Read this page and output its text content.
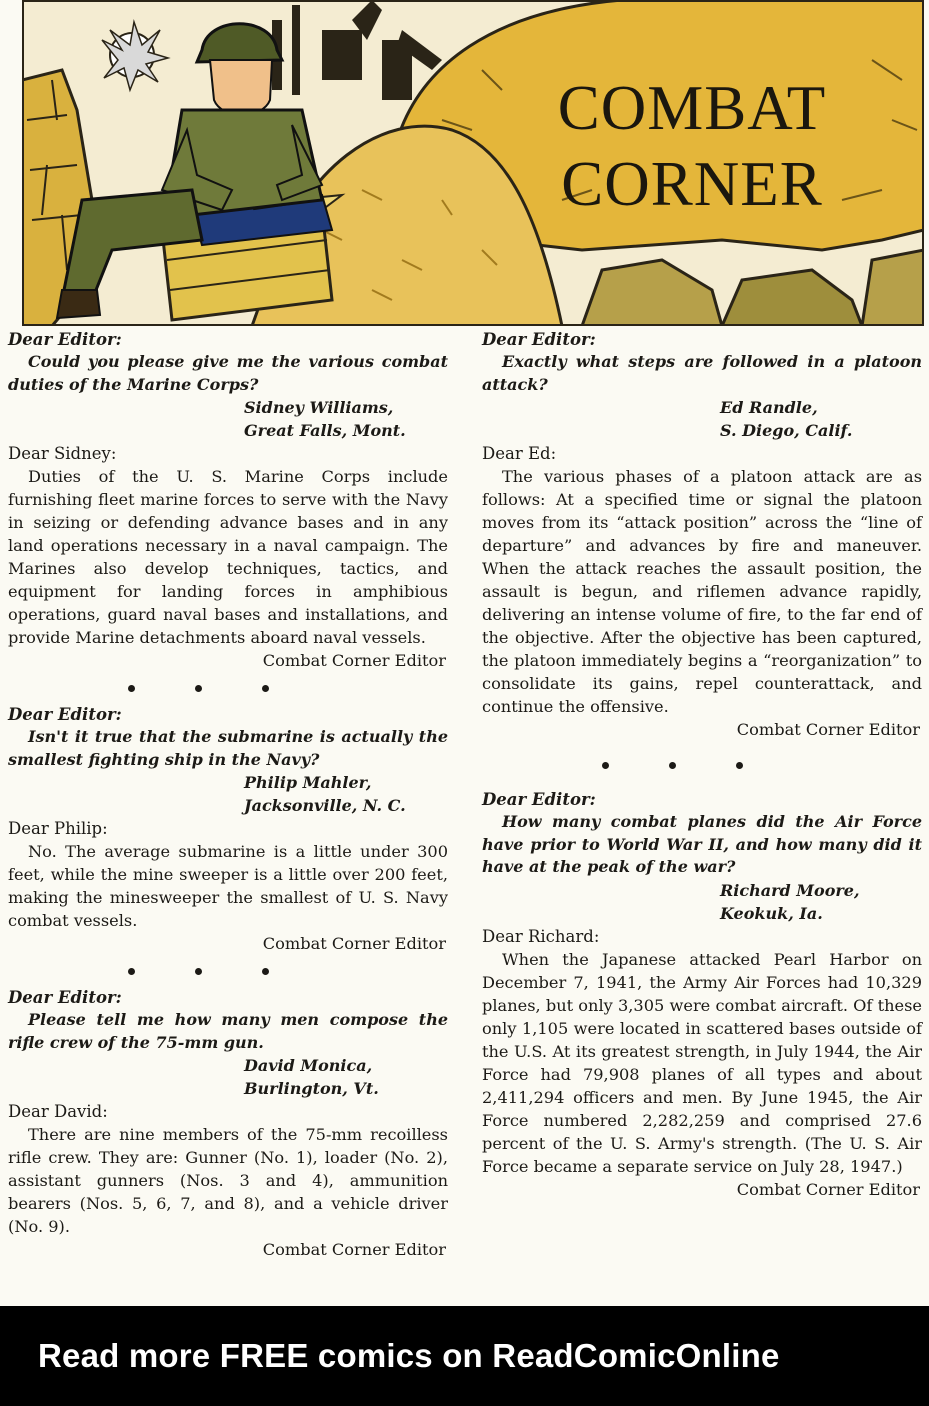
COMBAT
CORNER
Dear Editor:

Could you please give me the various combat duties of the Marine Corps?

Sidney Williams,
Great Falls, Mont.
Dear Sidney:

Duties of the U. S. Marine Corps include furnishing fleet marine forces to serve with the Navy in seizing or defending advance bases and in any land operations necessary in a naval campaign. The Marines also develop techniques, tactics, and equipment for landing forces in amphibious operations, guard naval bases and installations, and provide Marine detachments aboard naval vessels.

Combat Corner Editor
Dear Editor:

Isn't it true that the submarine is actually the smallest fighting ship in the Navy?

Philip Mahler,
Jacksonville, N. C.
Dear Philip:

No. The average submarine is a little under 300 feet, while the mine sweeper is a little over 200 feet, making the minesweeper the smallest of U. S. Navy combat vessels.

Combat Corner Editor
Dear Editor:

Please tell me how many men compose the rifle crew of the 75-mm gun.

David Monica,
Burlington, Vt.
Dear David:

There are nine members of the 75-mm recoilless rifle crew. They are: Gunner (No. 1), loader (No. 2), assistant gunners (Nos. 3 and 4), ammunition bearers (Nos. 5, 6, 7, and 8), and a vehicle driver (No. 9).

Combat Corner Editor
Dear Editor:

Exactly what steps are followed in a platoon attack?

Ed Randle,
S. Diego, Calif.
Dear Ed:

The various phases of a platoon attack are as follows: At a specified time or signal the platoon moves from its “attack position” across the “line of departure” and advances by fire and maneuver. When the attack reaches the assault position, the assault is begun, and riflemen advance rapidly, delivering an intense volume of fire, to the far end of the objective. After the objective has been captured, the platoon immediately begins a “reorganization” to consolidate its gains, repel counterattack, and continue the offensive.

Combat Corner Editor
Dear Editor:

How many combat planes did the Air Force have prior to World War II, and how many did it have at the peak of the war?

Richard Moore,
Keokuk, Ia.
Dear Richard:

When the Japanese attacked Pearl Harbor on December 7, 1941, the Army Air Forces had 10,329 planes, but only 3,305 were combat aircraft. Of these only 1,105 were located in scattered bases outside of the U.S. At its greatest strength, in July 1944, the Air Force had 79,908 planes of all types and about 2,411,294 officers and men. By June 1945, the Air Force numbered 2,282,259 and comprised 27.6 percent of the U. S. Army's strength. (The U. S. Air Force became a separate service on July 28, 1947.)

Combat Corner Editor
Read more FREE comics on ReadComicOnline
